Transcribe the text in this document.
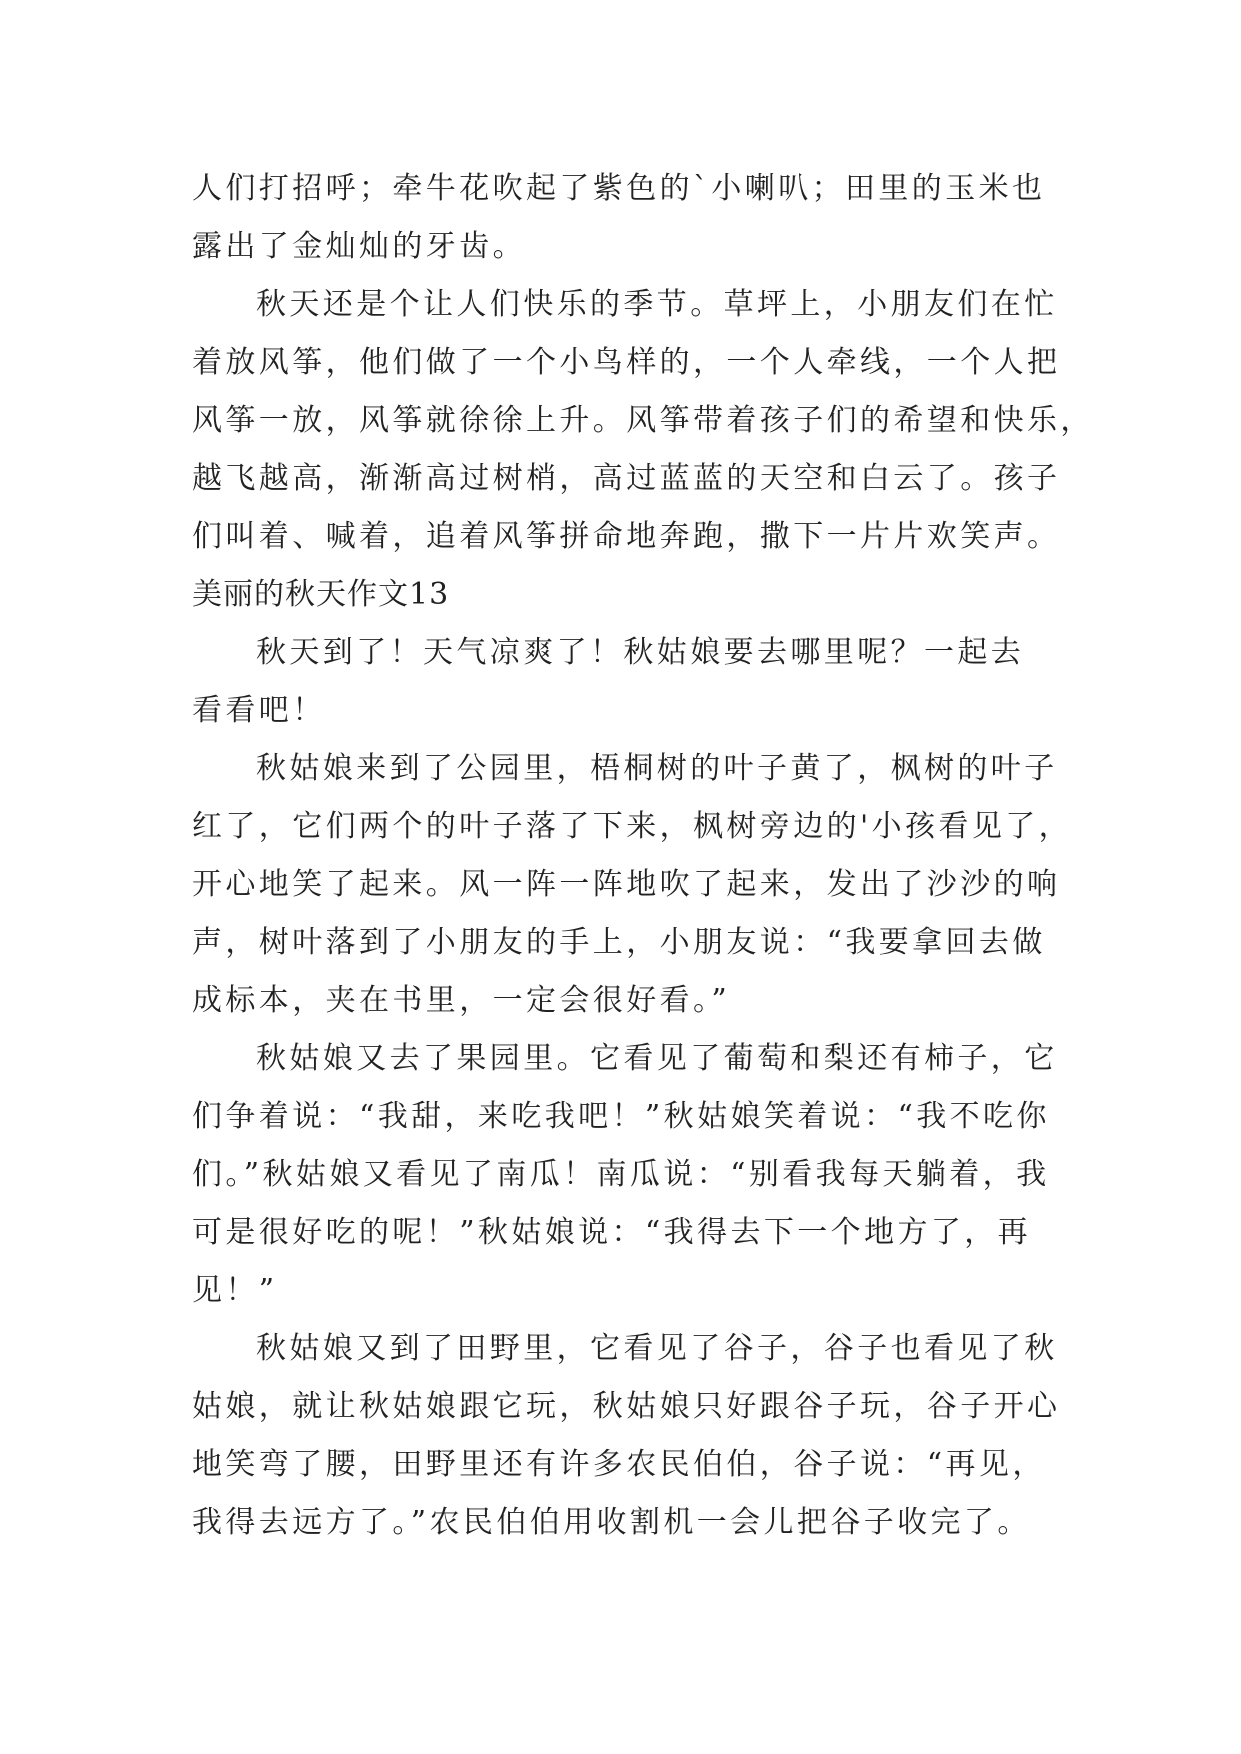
人们打招呼；牵牛花吹起了紫色的`小喇叭；田里的玉米也
露出了金灿灿的牙齿。
秋天还是个让人们快乐的季节。草坪上，小朋友们在忙
着放风筝，他们做了一个小鸟样的，一个人牵线，一个人把
风筝一放，风筝就徐徐上升。风筝带着孩子们的希望和快乐，
越飞越高，渐渐高过树梢，高过蓝蓝的天空和白云了。孩子
们叫着、喊着，追着风筝拼命地奔跑，撒下一片片欢笑声。
美丽的秋天作文13
秋天到了！天气凉爽了！秋姑娘要去哪里呢？一起去
看看吧！
秋姑娘来到了公园里，梧桐树的叶子黄了，枫树的叶子
红了，它们两个的叶子落了下来，枫树旁边的'小孩看见了，
开心地笑了起来。风一阵一阵地吹了起来，发出了沙沙的响
声，树叶落到了小朋友的手上，小朋友说：“我要拿回去做
成标本，夹在书里，一定会很好看。”
秋姑娘又去了果园里。它看见了葡萄和梨还有柿子，它
们争着说：“我甜，来吃我吧！”秋姑娘笑着说：“我不吃你
们。”秋姑娘又看见了南瓜！南瓜说：“别看我每天躺着，我
可是很好吃的呢！”秋姑娘说：“我得去下一个地方了，再
见！”
秋姑娘又到了田野里，它看见了谷子，谷子也看见了秋
姑娘，就让秋姑娘跟它玩，秋姑娘只好跟谷子玩，谷子开心
地笑弯了腰，田野里还有许多农民伯伯，谷子说：“再见，
我得去远方了。”农民伯伯用收割机一会儿把谷子收完了。
